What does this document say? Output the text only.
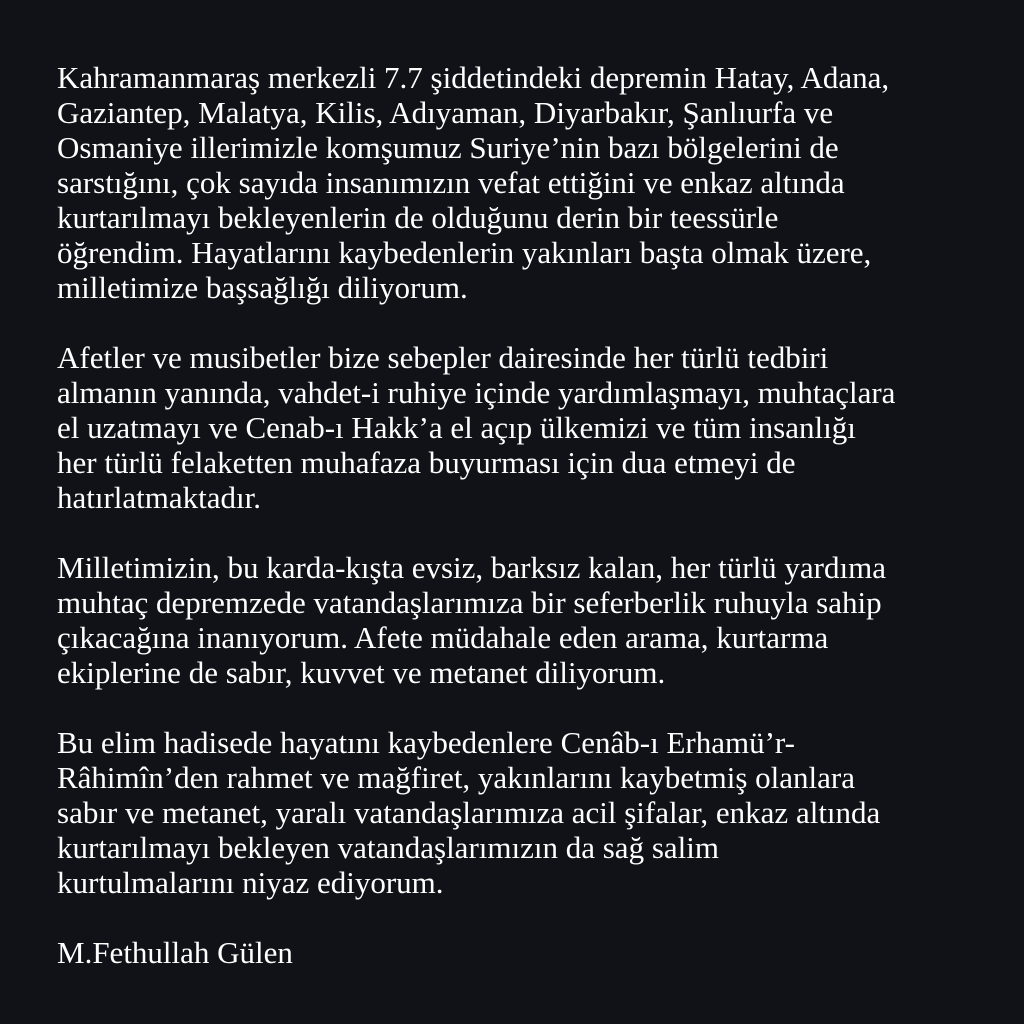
Kahramanmaraş merkezli 7.7 şiddetindeki depremin Hatay, Adana,
Gaziantep, Malatya, Kilis, Adıyaman, Diyarbakır, Şanlıurfa ve
Osmaniye illerimizle komşumuz Suriye’nin bazı bölgelerini de
sarstığını, çok sayıda insanımızın vefat ettiğini ve enkaz altında
kurtarılmayı bekleyenlerin de olduğunu derin bir teessürle
öğrendim. Hayatlarını kaybedenlerin yakınları başta olmak üzere,
milletimize başsağlığı diliyorum.
Afetler ve musibetler bize sebepler dairesinde her türlü tedbiri
almanın yanında, vahdet-i ruhiye içinde yardımlaşmayı, muhtaçlara
el uzatmayı ve Cenab-ı Hakk’a el açıp ülkemizi ve tüm insanlığı
her türlü felaketten muhafaza buyurması için dua etmeyi de
hatırlatmaktadır.
Milletimizin, bu karda-kışta evsiz, barksız kalan, her türlü yardıma
muhtaç depremzede vatandaşlarımıza bir seferberlik ruhuyla sahip
çıkacağına inanıyorum. Afete müdahale eden arama, kurtarma
ekiplerine de sabır, kuvvet ve metanet diliyorum.
Bu elim hadisede hayatını kaybedenlere Cenâb-ı Erhamü’r-
Râhimîn’den rahmet ve mağfiret, yakınlarını kaybetmiş olanlara
sabır ve metanet, yaralı vatandaşlarımıza acil şifalar, enkaz altında
kurtarılmayı bekleyen vatandaşlarımızın da sağ salim
kurtulmalarını niyaz ediyorum.
M.Fethullah Gülen
